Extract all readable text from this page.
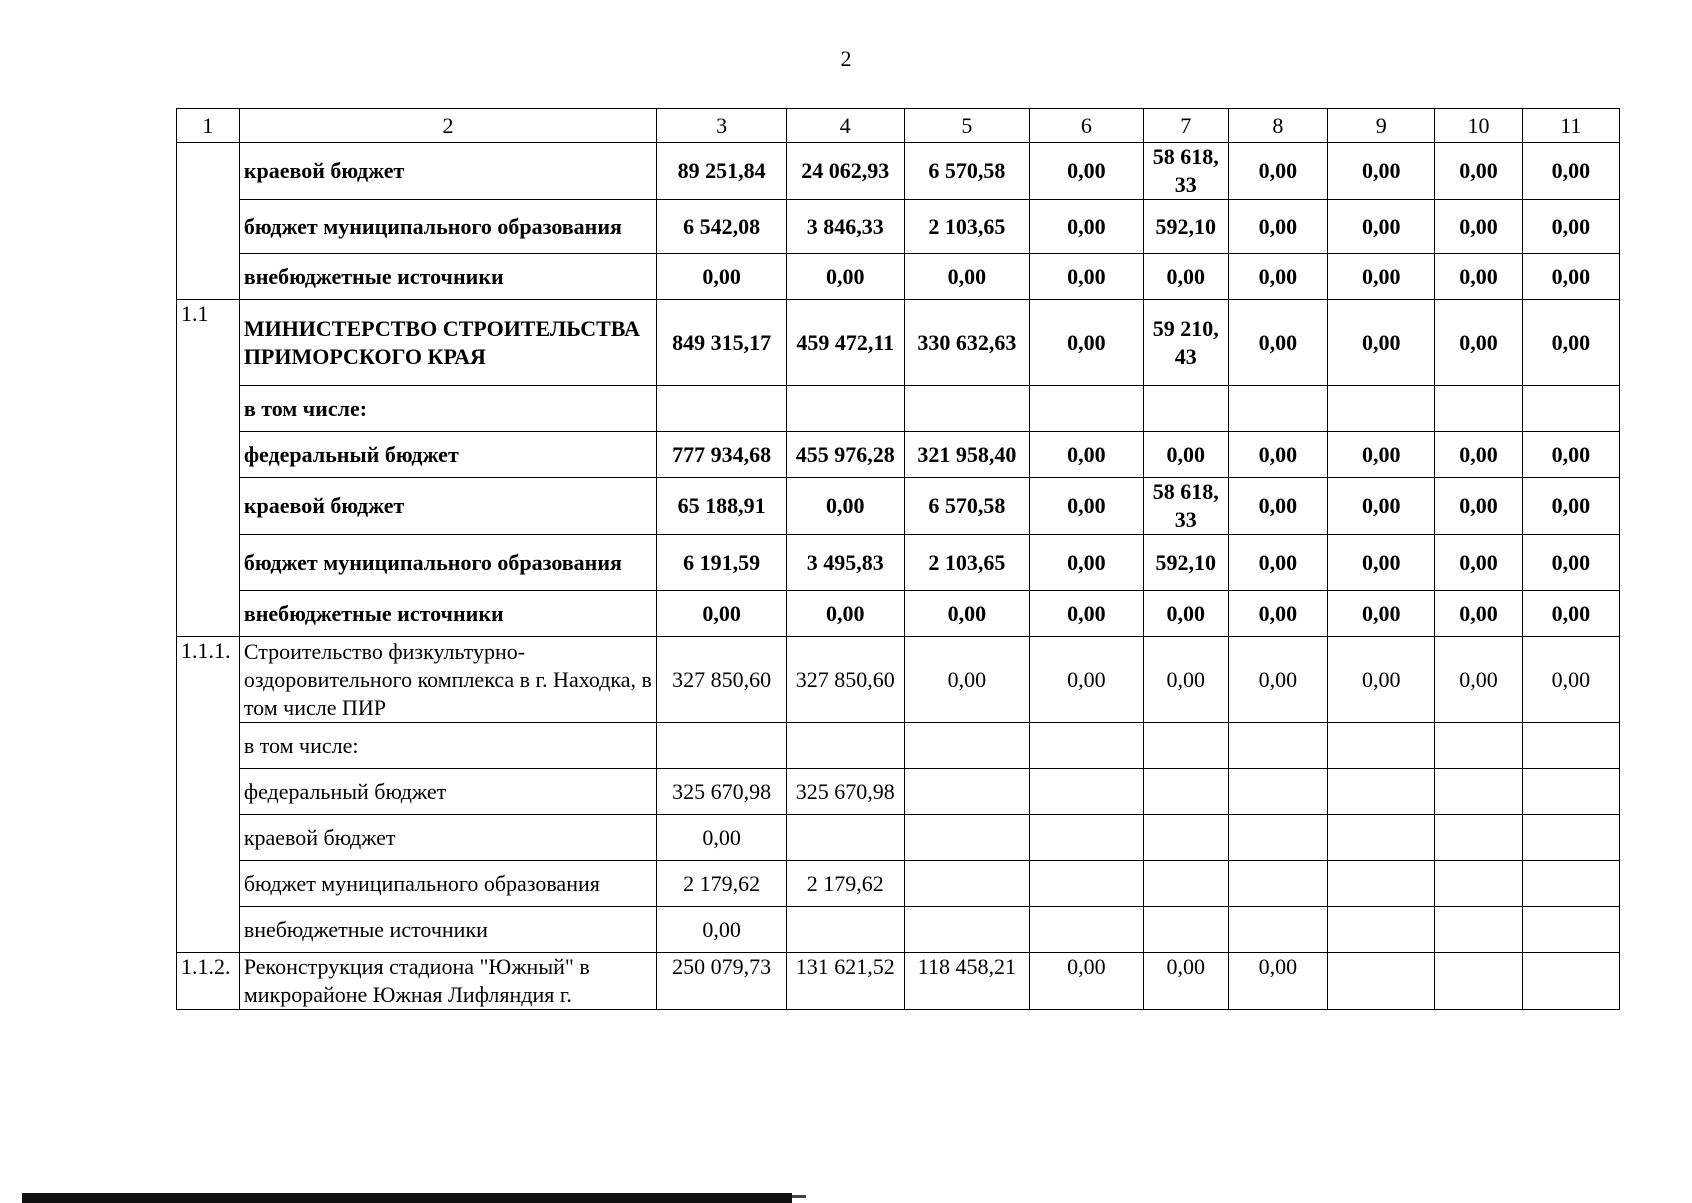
2
1	2	3	4	5	6	7	8	9	10	11
	краевой бюджет	89 251,84	24 062,93	6 570,58	0,00	58 618, 33	0,00	0,00	0,00	0,00
	бюджет муниципального образования	6 542,08	3 846,33	2 103,65	0,00	592,10	0,00	0,00	0,00	0,00
	внебюджетные источники	0,00	0,00	0,00	0,00	0,00	0,00	0,00	0,00	0,00
1.1	МИНИСТЕРСТВО СТРОИТЕЛЬСТВА ПРИМОРСКОГО КРАЯ	849 315,17	459 472,11	330 632,63	0,00	59 210, 43	0,00	0,00	0,00	0,00
	в том числе:									
	федеральный бюджет	777 934,68	455 976,28	321 958,40	0,00	0,00	0,00	0,00	0,00	0,00
	краевой бюджет	65 188,91	0,00	6 570,58	0,00	58 618, 33	0,00	0,00	0,00	0,00
	бюджет муниципального образования	6 191,59	3 495,83	2 103,65	0,00	592,10	0,00	0,00	0,00	0,00
	внебюджетные источники	0,00	0,00	0,00	0,00	0,00	0,00	0,00	0,00	0,00
1.1.1.	Строительство физкультурно-оздоровительного комплекса в г. Находка, в том числе ПИР	327 850,60	327 850,60	0,00	0,00	0,00	0,00	0,00	0,00	0,00
	в том числе:									
	федеральный бюджет	325 670,98	325 670,98							
	краевой бюджет	0,00								
	бюджет муниципального образования	2 179,62	2 179,62							
	внебюджетные источники	0,00								
1.1.2.	Реконструкция стадиона "Южный" в микрорайоне Южная Лифляндия г.	250 079,73	131 621,52	118 458,21	0,00	0,00	0,00			
